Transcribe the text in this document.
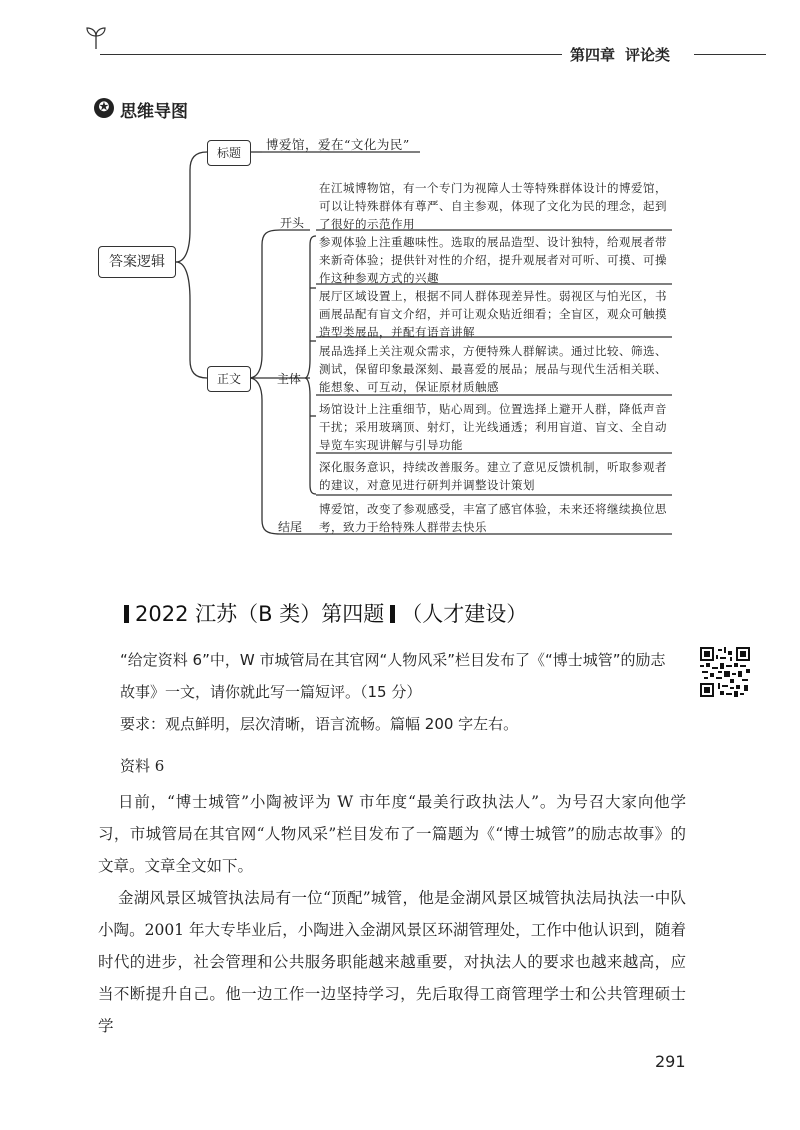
第四章 评论类
✪ 思维导图
答案逻辑
标题
正文
博爱馆，爱在“文化为民”
开头
主体
结尾
在江城博物馆，有一个专门为视障人士等特殊群体设计的博爱馆，可以让特殊群体有尊严、自主参观，体现了文化为民的理念，起到了很好的示范作用
参观体验上注重趣味性。选取的展品造型、设计独特，给观展者带来新奇体验；提供针对性的介绍，提升观展者对可听、可摸、可操作这种参观方式的兴趣
展厅区域设置上，根据不同人群体现差异性。弱视区与怕光区，书画展品配有盲文介绍，并可让观众贴近细看；全盲区，观众可触摸造型类展品，并配有语音讲解
展品选择上关注观众需求，方便特殊人群解读。通过比较、筛选、测试，保留印象最深刻、最喜爱的展品；展品与现代生活相关联、能想象、可互动，保证原材质触感
场馆设计上注重细节，贴心周到。位置选择上避开人群，降低声音干扰；采用玻璃顶、射灯，让光线通透；利用盲道、盲文、全自动导览车实现讲解与引导功能
深化服务意识，持续改善服务。建立了意见反馈机制，听取参观者的建议，对意见进行研判并调整设计策划
博爱馆，改变了参观感受，丰富了感官体验，未来还将继续换位思考，致力于给特殊人群带去快乐
2022 江苏（B 类）第四题 （人才建设）
“给定资料 6”中，W 市城管局在其官网“人物风采”栏目发布了《“博士城管”的励志故事》一文，请你就此写一篇短评。（15 分）
要求：观点鲜明，层次清晰，语言流畅。篇幅 200 字左右。
资料 6
日前，“博士城管”小陶被评为 W 市年度“最美行政执法人”。为号召大家向他学习，市城管局在其官网“人物风采”栏目发布了一篇题为《“博士城管”的励志故事》的文章。文章全文如下。
金湖风景区城管执法局有一位“顶配”城管，他是金湖风景区城管执法局执法一中队小陶。2001 年大专毕业后，小陶进入金湖风景区环湖管理处，工作中他认识到，随着时代的进步，社会管理和公共服务职能越来越重要，对执法人的要求也越来越高，应当不断提升自己。他一边工作一边坚持学习，先后取得工商管理学士和公共管理硕士学
291
